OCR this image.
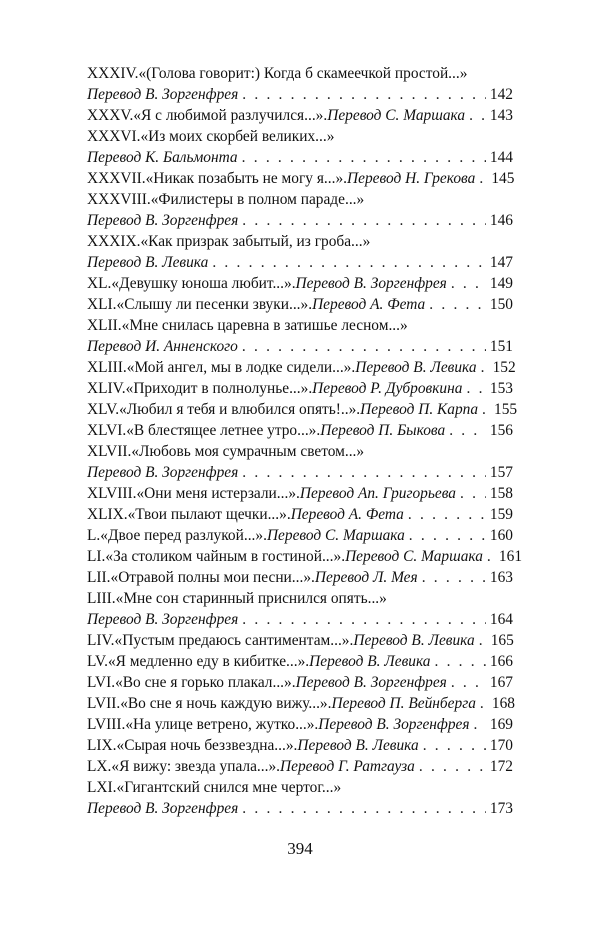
XXXIV. «(Голова говорит:) Когда б скамеечкой простой...»
Перевод В. Зоргенфрея . . .	142
XXXV. «Я с любимой разлучился...». Перевод С. Маршака . . . 143
XXXVI. «Из моих скорбей великих...»
Перевод К. Бальмонта . . .	144
XXXVII. «Никак позабыть не могу я...». Перевод Н. Грекова . . . 145
XXXVIII. «Филистеры в полном параде...»
Перевод В. Зоргенфрея . . .	146
XXXIX. «Как призрак забытый, из гроба...»
Перевод В. Левика . . .	147
XL. «Девушку юноша любит...». Перевод В. Зоргенфрея . . .	149
XLI. «Слышу ли песенки звуки...». Перевод А. Фета . . .	150
XLII. «Мне снилась царевна в затишье лесном...»
Перевод И. Анненского . . .	151
XLIII. «Мой ангел, мы в лодке сидели...». Перевод В. Левика . . . 152
XLIV. «Приходит в полнолунье...». Перевод Р. Дубровкина . . . 153
XLV. «Любил я тебя и влюбился опять!..». Перевод П. Карпа . . . 155
XLVI. «В блестящее летнее утро...». Перевод П. Быкова . . .	156
XLVII. «Любовь моя сумрачным светом...»
Перевод В. Зоргенфрея . . .	157
XLVIII. «Они меня истерзали...». Перевод Ап. Григорьева . . . 158
XLIX. «Твои пылают щечки...». Перевод А. Фета . . .	159
L. «Двое перед разлукой...». Перевод С. Маршака . . .	160
LI. «За столиком чайным в гостиной...». Перевод С. Маршака . . . 161
LII. «Отравой полны мои песни...». Перевод Л. Мея . . .	163
LIII. «Мне сон старинный приснился опять...»
Перевод В. Зоргенфрея . . .	164
LIV. «Пустым предаюсь сантиментам...». Перевод В. Левика . . . 165
LV. «Я медленно еду в кибитке...». Перевод В. Левика . . .	166
LVI. «Во сне я горько плакал...». Перевод В. Зоргенфрея . . .	167
LVII. «Во сне я ночь каждую вижу...». Перевод П. Вейнберга . . . 168
LVIII. «На улице ветрено, жутко...». Перевод В. Зоргенфрея . . . 169
LIX. «Сырая ночь беззвездна...». Перевод В. Левика . . .	170
LX. «Я вижу: звезда упала...». Перевод Г. Ратгауза . . .	172
LXI. «Гигантский снился мне чертог...»
Перевод В. Зоргенфрея . . .	173
394
